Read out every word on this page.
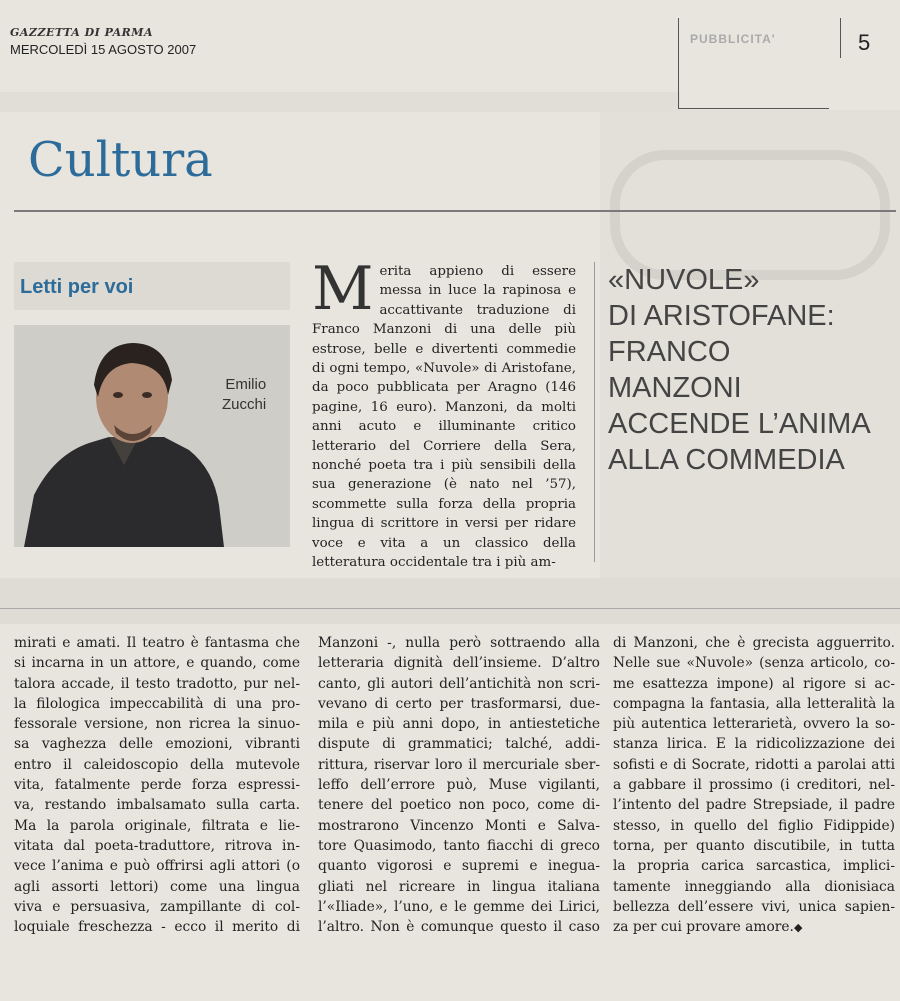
GAZZETTA DI PARMA
MERCOLEDÌ 15 AGOSTO 2007
PUBBLICITA'	5
Cultura
Letti per voi
Emilio
Zucchi
Merita appieno di essere messa in luce la rapinosa e accattivante traduzione di Franco Manzoni di una delle più estrose, belle e divertenti commedie di ogni tempo, «Nuvole» di Aristofane, da poco pubblicata per Aragno (146 pagine, 16 euro). Manzoni, da molti anni acuto e illuminante critico letterario del Corriere della Sera, nonché poeta tra i più sensibili della sua generazione (è nato nel ’57), scommette sulla forza della propria lingua di scrittore in versi per ridare voce e vita a un classico della letteratura occidentale tra i più am-
«NUVOLE»
DI ARISTOFANE:
FRANCO
MANZONI
ACCENDE L’ANIMA
ALLA COMMEDIA
mirati e amati. Il teatro è fantasma che
si incarna in un attore, e quando, come
talora accade, il testo tradotto, pur nel-
la filologica impeccabilità di una pro-
fessorale versione, non ricrea la sinuo-
sa vaghezza delle emozioni, vibranti
entro il caleidoscopio della mutevole
vita, fatalmente perde forza espressi-
va, restando imbalsamato sulla carta.
Ma la parola originale, filtrata e lie-
vitata dal poeta-traduttore, ritrova in-
vece l’anima e può offrirsi agli attori (o
agli assorti lettori) come una lingua
viva e persuasiva, zampillante di col-
loquiale freschezza - ecco il merito di
Manzoni -, nulla però sottraendo alla
letteraria dignità dell’insieme. D’altro
canto, gli autori dell’antichità non scri-
vevano di certo per trasformarsi, due-
mila e più anni dopo, in antiestetiche
dispute di grammatici; talché, addi-
rittura, riservar loro il mercuriale sber-
leffo dell’errore può, Muse vigilanti,
tenere del poetico non poco, come di-
mostrarono Vincenzo Monti e Salva-
tore Quasimodo, tanto fiacchi di greco
quanto vigorosi e supremi e inegua-
gliati nel ricreare in lingua italiana
l’«Iliade», l’uno, e le gemme dei Lirici,
l’altro. Non è comunque questo il caso
di Manzoni, che è grecista agguerrito.
Nelle sue «Nuvole» (senza articolo, co-
me esattezza impone) al rigore si ac-
compagna la fantasia, alla letteralità la
più autentica letterarietà, ovvero la so-
stanza lirica. E la ridicolizzazione dei
sofisti e di Socrate, ridotti a parolai atti
a gabbare il prossimo (i creditori, nel-
l’intento del padre Strepsiade, il padre
stesso, in quello del figlio Fidippide)
torna, per quanto discutibile, in tutta
la propria carica sarcastica, implici-
tamente inneggiando alla dionisiaca
bellezza dell’essere vivi, unica sapien-
za per cui provare amore.◆
